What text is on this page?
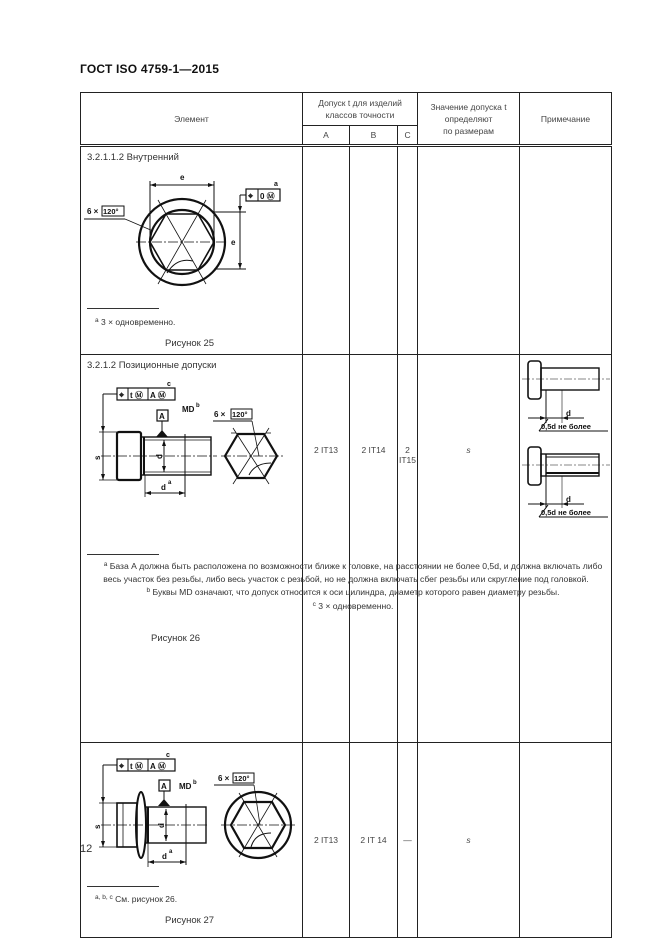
ГОСТ ISO 4759-1—2015
Элемент	
Допуск t для изделий
классов точности

Значение допуска t
определяют
по размерам
	Примечание
	A	B	C		

3.2.1.1.2 Внутренний
e
6 × 120°
e
⌖ 0 Ⓜ
a
$^a$ 3 × одновременно.
Рисунок 25

3.2.1.2 Позиционные допуски
c
⌖ t Ⓜ A Ⓜ
A
MD b
s	d
d a
6 × 120°

$^a$ База А должна быть расположена по возможности ближе к головке, на расстоянии не более 0,5d, и должна включать либо весь участок без резьбы, либо весь участок с резьбой, но не должна включать сбег резьбы или скругление под головкой.

$^b$ Буквы MD означают, что допуск относится к оси цилиндра, диаметр которого равен диаметру резьбы.

$^c$ 3 × одновременно.

Рисунок 26
	2 IT13	2 IT14	2 IT15	s	
d
0,5d не более
d
0,5d не более

c
⌖ t Ⓜ A Ⓜ
A MD b
s	d
d a
6 × 120°
$^{a, b, c}$ См. рисунок 26.
Рисунок 27
	2 IT13	2 IT 14	—	s	
12
